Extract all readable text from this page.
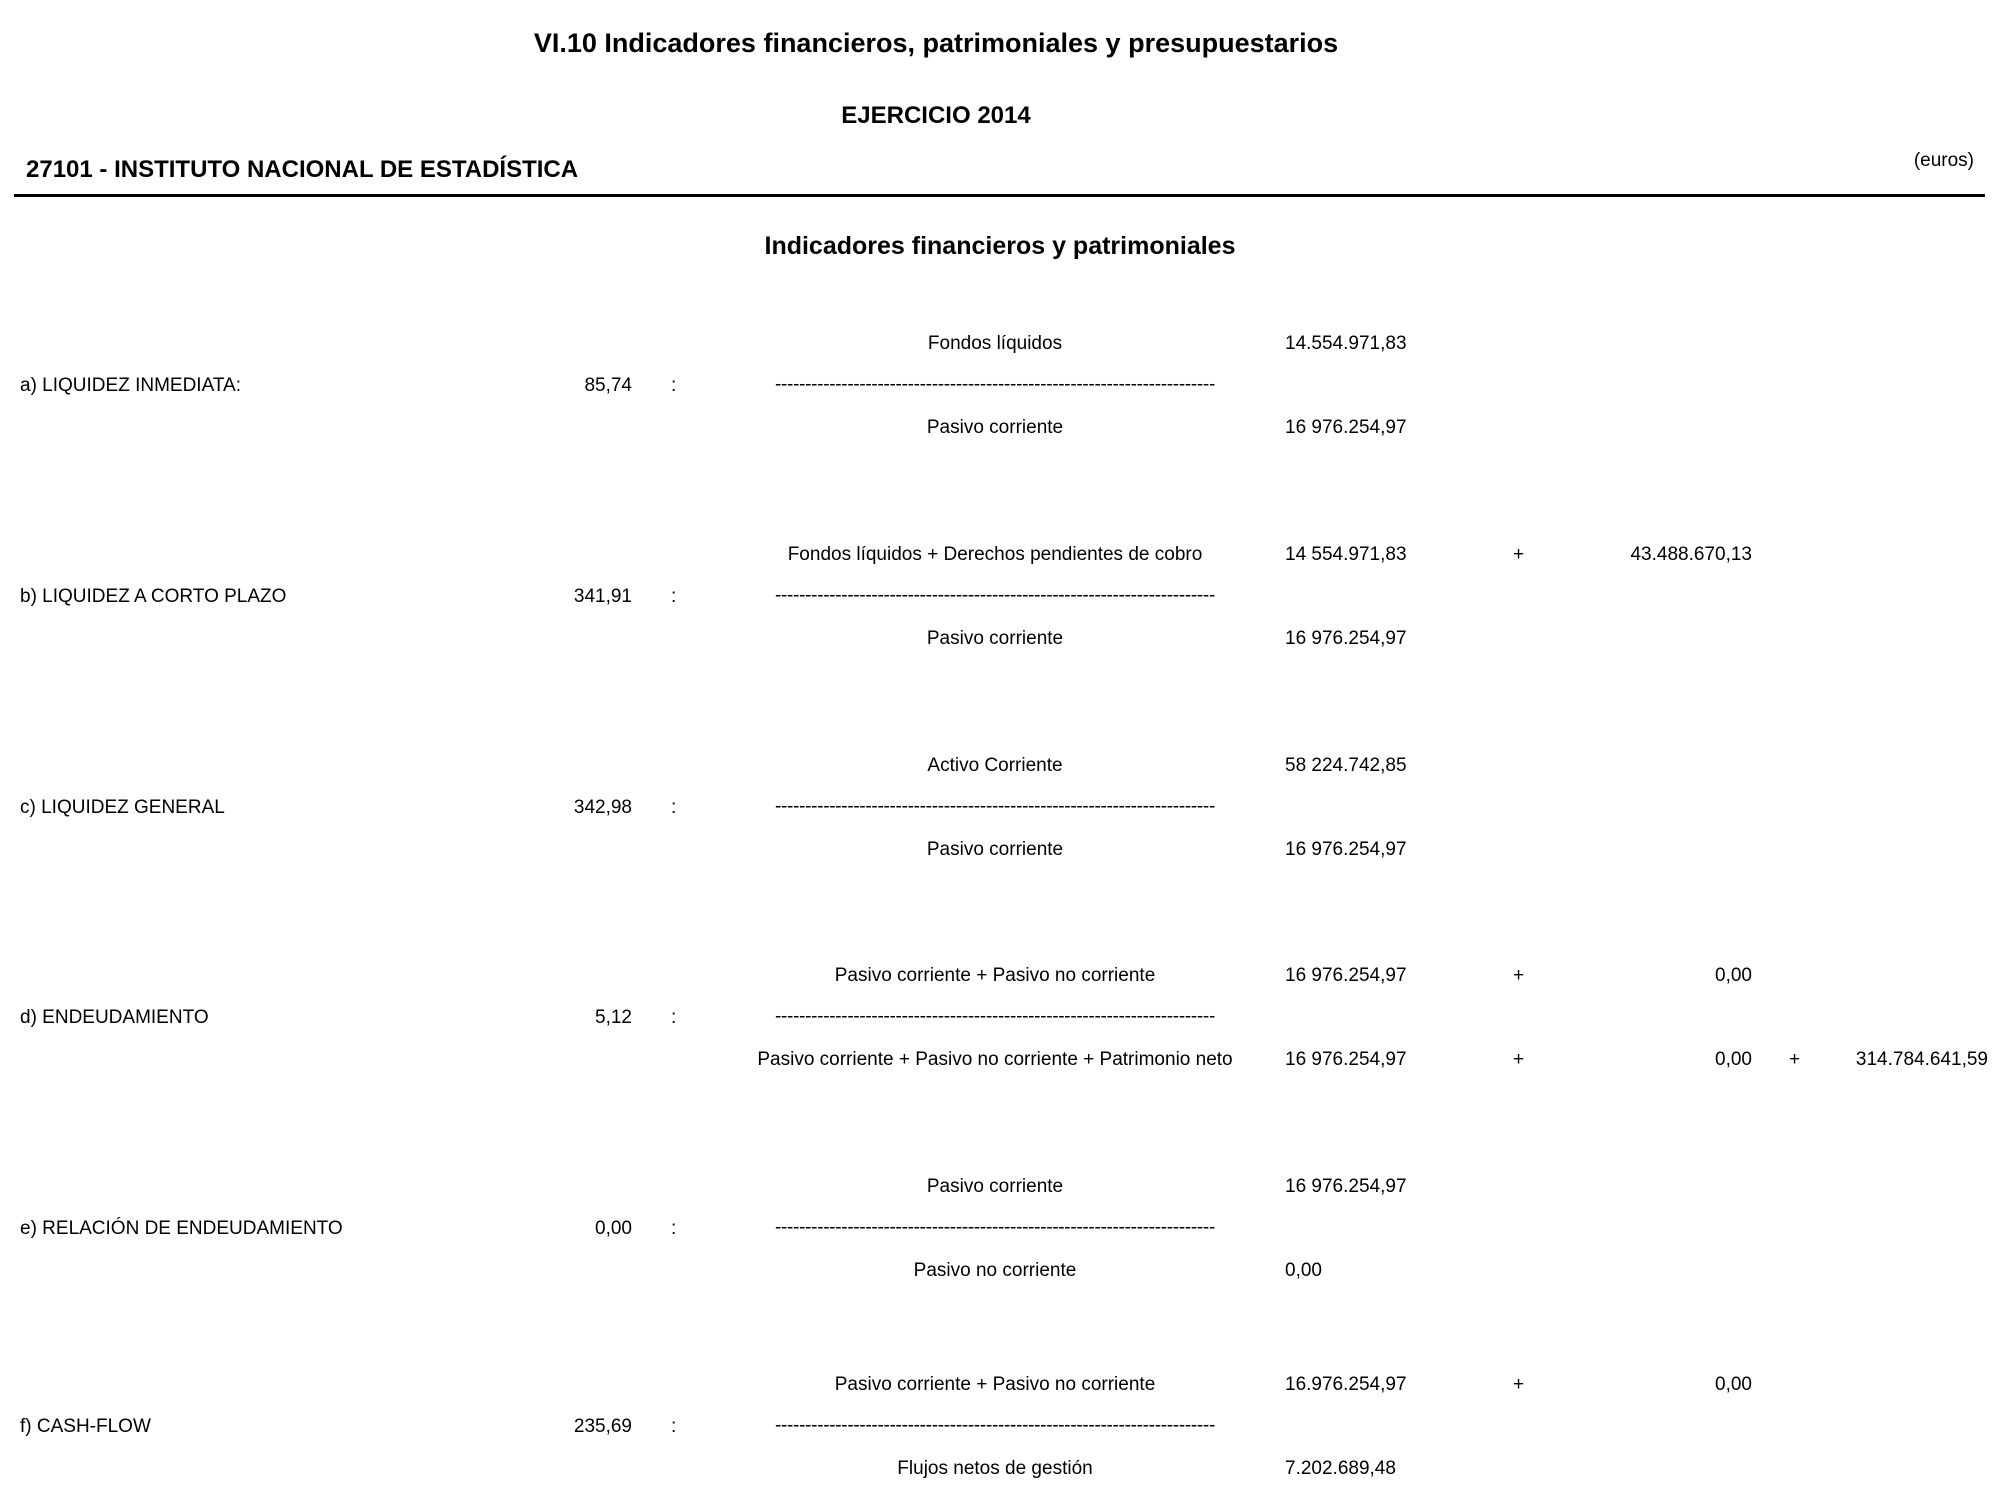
VI.10 Indicadores financieros, patrimoniales y presupuestarios
EJERCICIO 2014
27101 - INSTITUTO NACIONAL DE ESTADÍSTICA	(euros)
Indicadores financieros y patrimoniales
Fondos líquidos	14.554.971,83
a) LIQUIDEZ INMEDIATA:	85,74 :	-------------------------------------------------------------------------
Pasivo corriente	16 976.254,97
Fondos líquidos + Derechos pendientes de cobro	14 554.971,83	+	43.488.670,13
b) LIQUIDEZ A CORTO PLAZO	341,91 :	-------------------------------------------------------------------------
Pasivo corriente	16 976.254,97
Activo Corriente	58 224.742,85
c) LIQUIDEZ GENERAL	342,98 :	-------------------------------------------------------------------------
Pasivo corriente	16 976.254,97
Pasivo corriente + Pasivo no corriente	16 976.254,97	+	0,00
d) ENDEUDAMIENTO	5,12 :	-------------------------------------------------------------------------
Pasivo corriente + Pasivo no corriente + Patrimonio neto	16 976.254,97	+	0,00 +	314.784.641,59
Pasivo corriente	16 976.254,97
e) RELACIÓN DE ENDEUDAMIENTO	0,00 :	-------------------------------------------------------------------------
Pasivo no corriente	0,00
Pasivo corriente + Pasivo no corriente	16.976.254,97	+	0,00
f) CASH-FLOW	235,69 :	-------------------------------------------------------------------------
Flujos netos de gestión	7.202.689,48
